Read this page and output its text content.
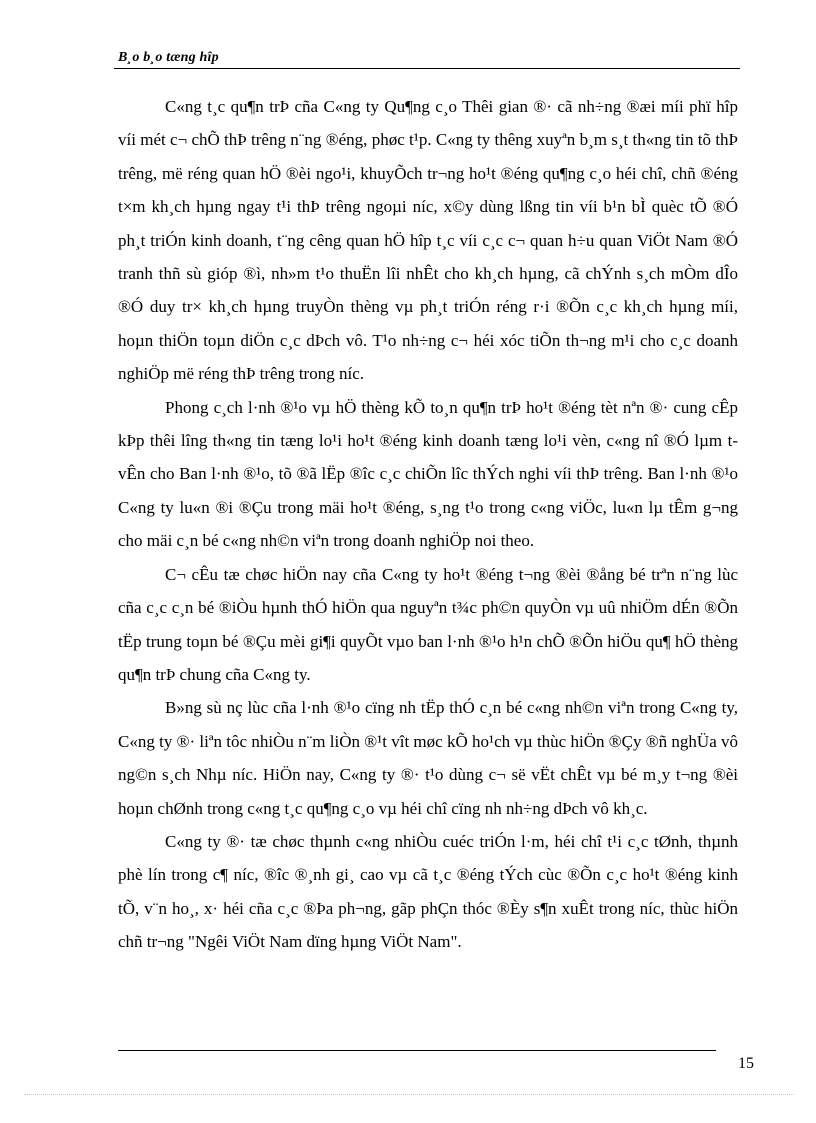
B¸o b¸o tæng hîp

C«ng t¸c qu¶n trÞ cña C«ng ty Qu¶ng c¸o Thêi gian ®· cã nh÷ng ®æi míi phï hîp víi mét c¬ chÕ thÞ trêng n¨ng ®éng, phøc t¹p. C«ng ty thêng xuyªn b¸m s¸t th«ng tin tõ thÞ trêng, më réng quan hÖ ®èi ngo¹i, khuyÕch tr¬ng ho¹t ®éng qu¶ng c¸o héi chî, chñ ®éng t×m kh¸ch hµng ngay t¹i thÞ trêng ngoµi níc, x©y dùng lßng tin víi b¹n bÌ quèc tÕ ®Ó ph¸t triÓn kinh doanh, t¨ng cêng quan hÖ hîp t¸c víi c¸c c¬ quan h÷u quan ViÖt Nam ®Ó tranh thñ sù gióp ®ì, nh»m t¹o thuËn lîi nhÊt cho kh¸ch hµng, cã chÝnh s¸ch mÒm dÎo ®Ó duy tr× kh¸ch hµng truyÒn thèng vµ ph¸t triÓn réng r·i ®Õn c¸c kh¸ch hµng míi, hoµn thiÖn toµn diÖn c¸c dÞch vô. T¹o nh÷ng c¬ héi xóc tiÕn th¬ng m¹i cho c¸c doanh nghiÖp më réng thÞ trêng trong níc.

Phong c¸ch l·nh ®¹o vµ hÖ thèng kÕ to¸n qu¶n trÞ ho¹t ®éng tèt nªn ®· cung cÊp kÞp thêi lîng th«ng tin tæng lo¹i ho¹t ®éng kinh doanh tæng lo¹i vèn, c«ng nî ®Ó lµm t vÊn cho Ban l·nh ®¹o, tõ ®ã lËp ®îc c¸c chiÕn lîc thÝch nghi víi thÞ trêng. Ban l·nh ®¹o C«ng ty lu«n ®i ®Çu trong mäi ho¹t ®éng, s¸ng t¹o trong c«ng viÖc, lu«n lµ tÊm g¬ng cho mäi c¸n bé c«ng nh©n viªn trong doanh nghiÖp noi theo.

C¬ cÊu tæ chøc hiÖn nay cña C«ng ty ho¹t ®éng t¬ng ®èi ®ång bé trªn n¨ng lùc cña c¸c c¸n bé ®iÒu hµnh thÓ hiÖn qua nguyªn t¾c ph©n quyÒn vµ uû nhiÖm dÉn ®Õn tËp trung toµn bé ®Çu mèi gi¶i quyÕt vµo ban l·nh ®¹o h¹n chÕ ®Õn hiÖu qu¶ hÖ thèng qu¶n trÞ chung cña C«ng ty.

B»ng sù nç lùc cña l·nh ®¹o cïng nh tËp thÓ c¸n bé c«ng nh©n viªn trong C«ng ty, C«ng ty ®· liªn tôc nhiÒu n¨m liÒn ®¹t vît møc kÕ ho¹ch vµ thùc hiÖn ®Çy ®ñ nghÜa vô ng©n s¸ch Nhµ níc. HiÖn nay, C«ng ty ®· t¹o dùng c¬ së vËt chÊt vµ bé m¸y t¬ng ®èi hoµn chØnh trong c«ng t¸c qu¶ng c¸o vµ héi chî cïng nh nh÷ng dÞch vô kh¸c.

C«ng ty ®· tæ chøc thµnh c«ng nhiÒu cuéc triÓn l·m, héi chî t¹i c¸c tØnh, thµnh phè lín trong c¶ níc, ®îc ®¸nh gi¸ cao vµ cã t¸c ®éng tÝch cùc ®Õn c¸c ho¹t ®éng kinh tÕ, v¨n ho¸, x· héi cña c¸c ®Þa ph¬ng, gãp phÇn thóc ®Èy s¶n xuÊt trong níc, thùc hiÖn chñ tr¬ng "Ngêi ViÖt Nam dïng hµng ViÖt Nam".

15
